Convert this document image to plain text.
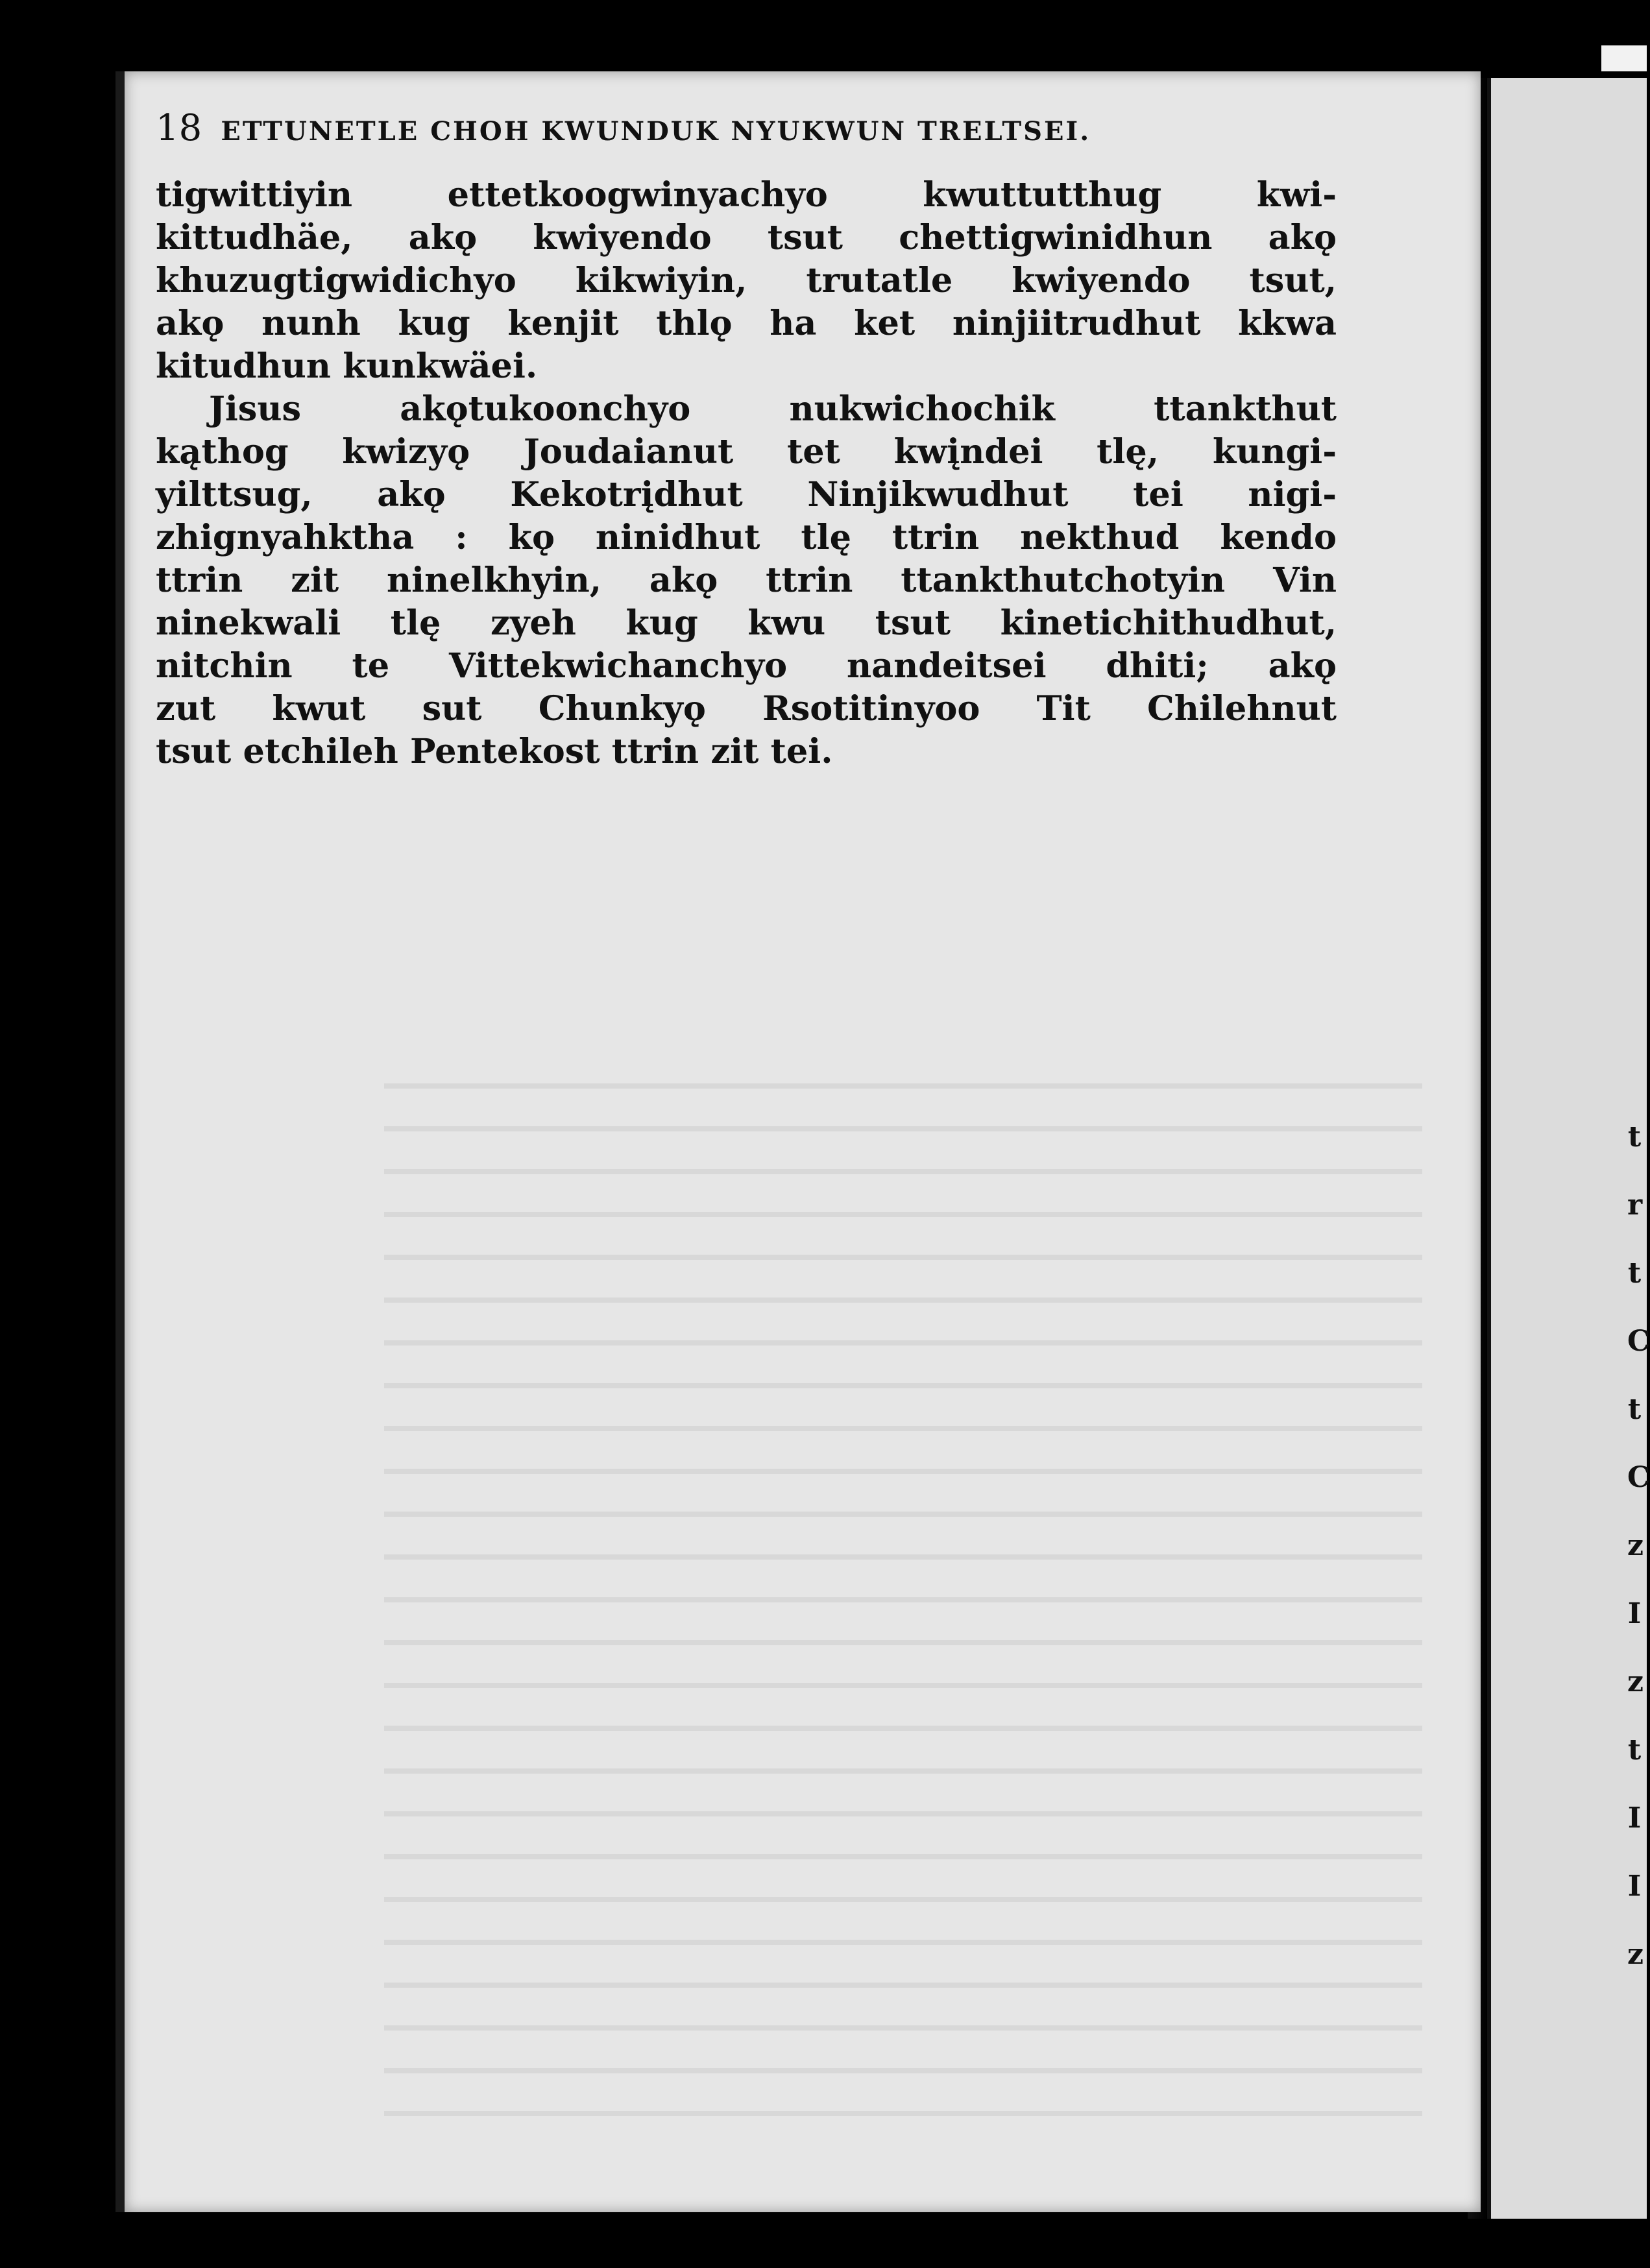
t
r
t
C
t
C
z
I
z
t
I
I
z
18 ETTUNETLE CHOH KWUNDUK NYUKWUN TRELTSEI.
tigwittiyin ettetkoogwinyachyo kwuttutthug kwi-
kittudhäe, akǫ kwiyendo tsut chettigwinidhun akǫ
khuzugtigwidichyo kikwiyin, trutatle kwiyendo tsut,
akǫ nunh kug kenjit thlǫ ha ket ninjiitrudhut kkwa
kitudhun kunkwäei.
Jisus akǫtukoonchyo nukwichochik ttankthut
kąthog kwizyǫ Joudaianut tet kwįndei tlę, kungi-
yilttsug, akǫ Kekotrįdhut Ninjikwudhut tei nigi-
zhignyahktha : kǫ ninidhut tlę ttrin nekthud kendo
ttrin zit ninelkhyin, akǫ ttrin ttankthutchotyin Vin
ninekwali tlę zyeh kug kwu tsut kinetichithudhut,
nitchin te Vittekwichanchyo nandeitsei dhiti; akǫ
zut kwut sut Chunkyǫ Rsotitinyoo Tit Chilehnut
tsut etchileh Pentekost ttrin zit tei.
